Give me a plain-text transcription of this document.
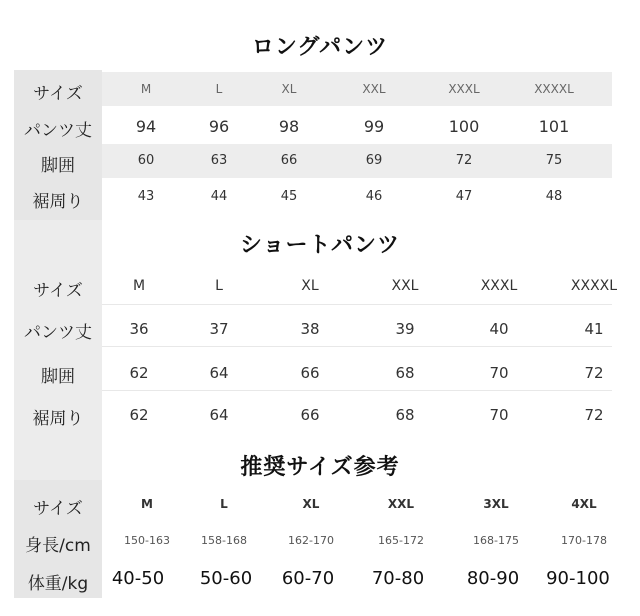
ロングパンツ
サイズ	M	L	XL	XXL	XXXL	XXXXL
パンツ丈	94	96	98	99	100	101
脚囲	60	63	66	69	72	75
裾周り	43	44	45	46	47	48
ショートパンツ
サイズ	M	L	XL	XXL	XXXL	XXXXL
パンツ丈	36	37	38	39	40	41
脚囲	62	64	66	68	70	72
裾周り	62	64	66	68	70	72
推奨サイズ参考
サイズ	M	L	XL	XXL	3XL	4XL
身長/cm	150-163	158-168	162-170	165-172	168-175	170-178
体重/kg	40-50	50-60	60-70	70-80	80-90	90-100
